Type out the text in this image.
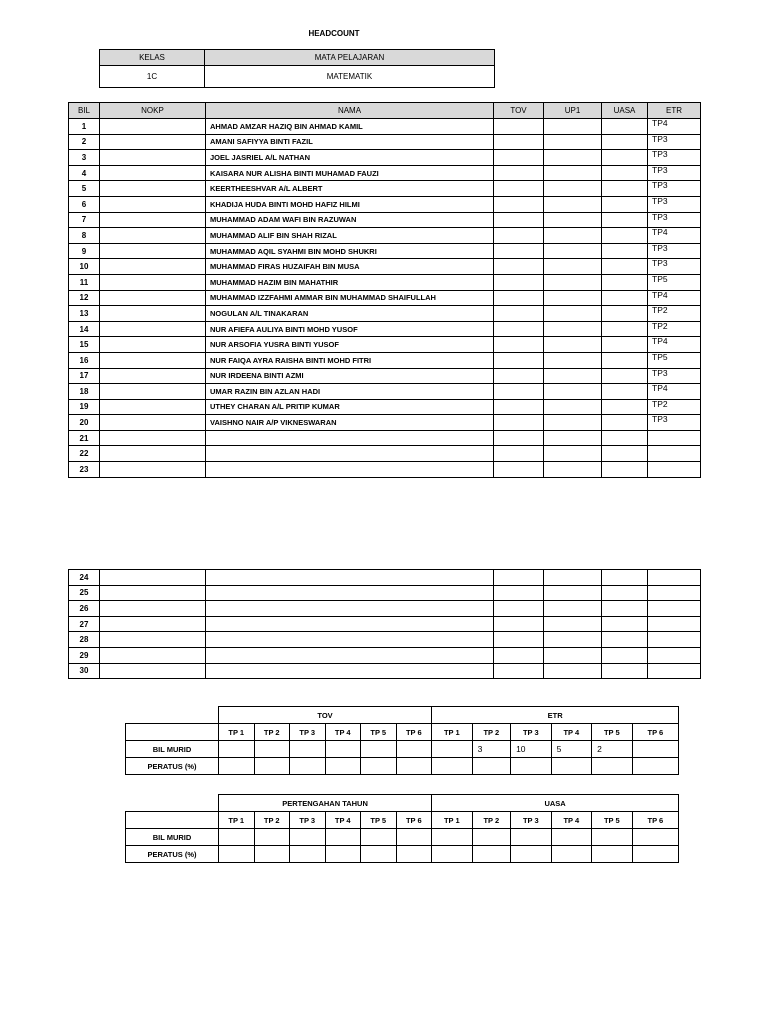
HEADCOUNT
KELAS	MATA PELAJARAN
1C	MATEMATIK
BIL	NOKP	NAMA	TOV	UP1	UASA	ETR
1		AHMAD AMZAR HAZIQ BIN AHMAD KAMIL				TP4
2		AMANI SAFIYYA BINTI FAZIL				TP3
3		JOEL JASRIEL A/L NATHAN				TP3
4		KAISARA NUR ALISHA BINTI MUHAMAD FAUZI				TP3
5		KEERTHEESHVAR A/L ALBERT				TP3
6		KHADIJA HUDA BINTI MOHD HAFIZ HILMI				TP3
7		MUHAMMAD ADAM WAFI BIN RAZUWAN				TP3
8		MUHAMMAD ALIF BIN SHAH RIZAL				TP4
9		MUHAMMAD AQIL SYAHMI BIN MOHD SHUKRI				TP3
10		MUHAMMAD FIRAS HUZAIFAH BIN MUSA				TP3
11		MUHAMMAD HAZIM BIN MAHATHIR				TP5
12		MUHAMMAD IZZFAHMI AMMAR BIN MUHAMMAD SHAIFULLAH				TP4
13		NOGULAN A/L TINAKARAN				TP2
14		NUR AFIEFA AULIYA BINTI MOHD YUSOF				TP2
15		NUR ARSOFIA YUSRA BINTI YUSOF				TP4
16		NUR FAIQA AYRA RAISHA BINTI MOHD FITRI				TP5
17		NUR IRDEENA BINTI AZMI				TP3
18		UMAR RAZIN BIN AZLAN HADI				TP4
19		UTHEY CHARAN A/L PRITIP KUMAR				TP2
20		VAISHNO NAIR A/P VIKNESWARAN				TP3
21						
22						
23						
24						
25						
26						
27						
28						
29						
30						
	TOV						ETR					
	TP 1	TP 2	TP 3	TP 4	TP 5	TP 6	TP 1	TP 2	TP 3	TP 4	TP 5	TP 6
BIL MURID								3	10	5	2	
PERATUS (%)												
	PERTENGAHAN TAHUN						UASA					
	TP 1	TP 2	TP 3	TP 4	TP 5	TP 6	TP 1	TP 2	TP 3	TP 4	TP 5	TP 6
BIL MURID												
PERATUS (%)												
